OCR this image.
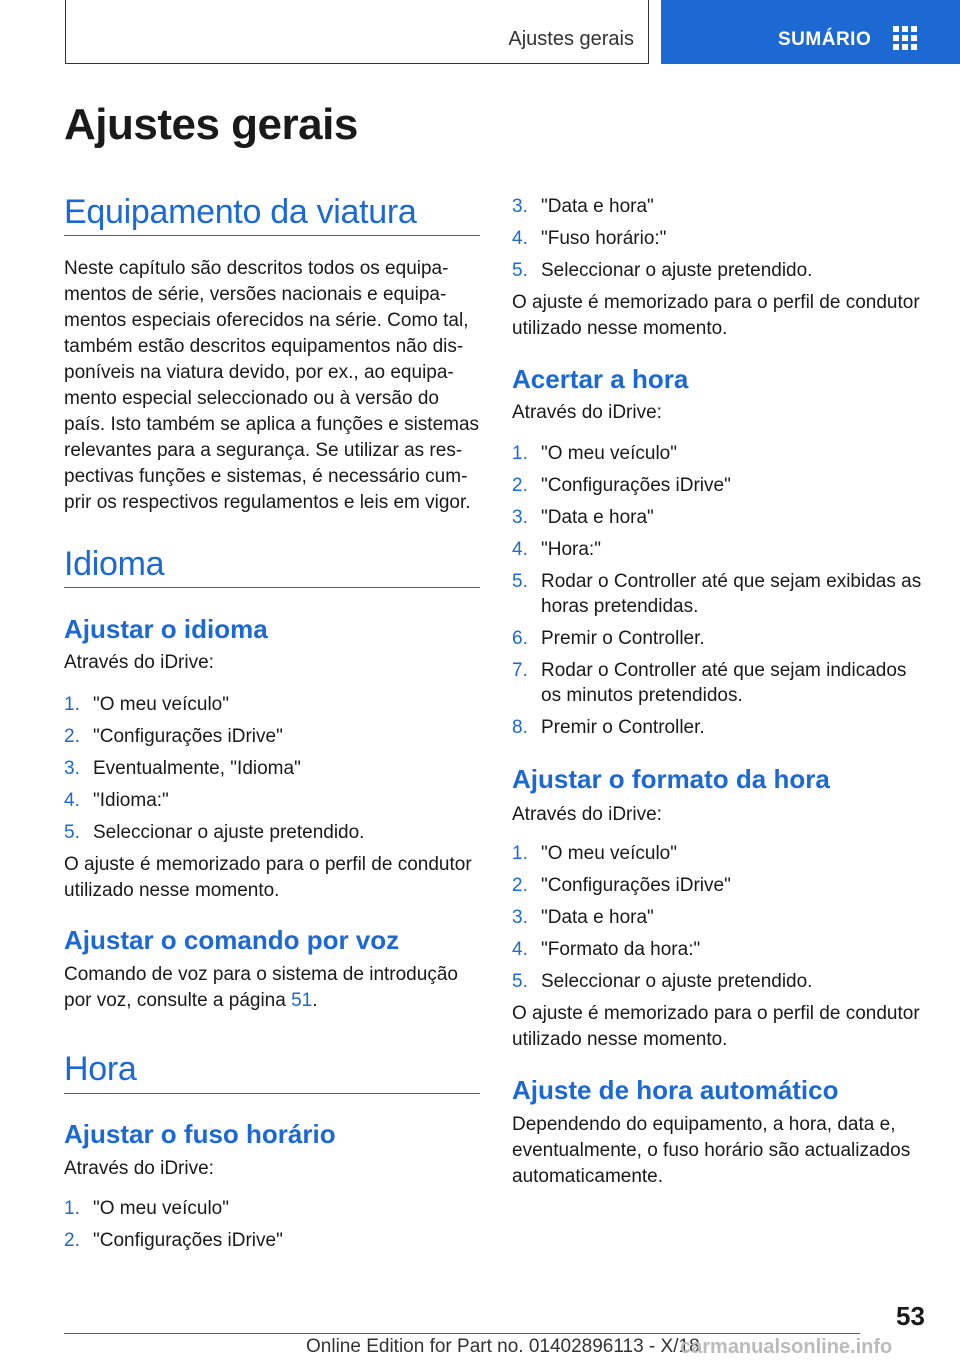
Ajustes gerais	SUMÁRIO
Ajustes gerais
Equipamento da viatura
Neste capítulo são descritos todos os equipa-
mentos de série, versões nacionais e equipa-
mentos especiais oferecidos na série. Como tal,
também estão descritos equipamentos não dis-
poníveis na viatura devido, por ex., ao equipa-
mento especial seleccionado ou à versão do
país. Isto também se aplica a funções e sistemas
relevantes para a segurança. Se utilizar as res-
pectivas funções e sistemas, é necessário cum-
prir os respectivos regulamentos e leis em vigor.
Idioma
Ajustar o idioma
Através do iDrive:
1. "O meu veículo"
2. "Configurações iDrive"
3. Eventualmente, "Idioma"
4. "Idioma:"
5. Seleccionar o ajuste pretendido.
O ajuste é memorizado para o perfil de condutor
utilizado nesse momento.
Ajustar o comando por voz
Comando de voz para o sistema de introdução
por voz, consulte a página 51.
Hora
Ajustar o fuso horário
Através do iDrive:
1. "O meu veículo"
2. "Configurações iDrive"
3. "Data e hora"
4. "Fuso horário:"
5. Seleccionar o ajuste pretendido.
O ajuste é memorizado para o perfil de condutor
utilizado nesse momento.
Acertar a hora
Através do iDrive:
1. "O meu veículo"
2. "Configurações iDrive"
3. "Data e hora"
4. "Hora:"
5. Rodar o Controller até que sejam exibidas as
horas pretendidas.
6. Premir o Controller.
7. Rodar o Controller até que sejam indicados
os minutos pretendidos.
8. Premir o Controller.
Ajustar o formato da hora
Através do iDrive:
1. "O meu veículo"
2. "Configurações iDrive"
3. "Data e hora"
4. "Formato da hora:"
5. Seleccionar o ajuste pretendido.
O ajuste é memorizado para o perfil de condutor
utilizado nesse momento.
Ajuste de hora automático
Dependendo do equipamento, a hora, data e,
eventualmente, o fuso horário são actualizados
automaticamente.
53
Online Edition for Part no. 01402896113 - X/18
carmanualsonline.info
